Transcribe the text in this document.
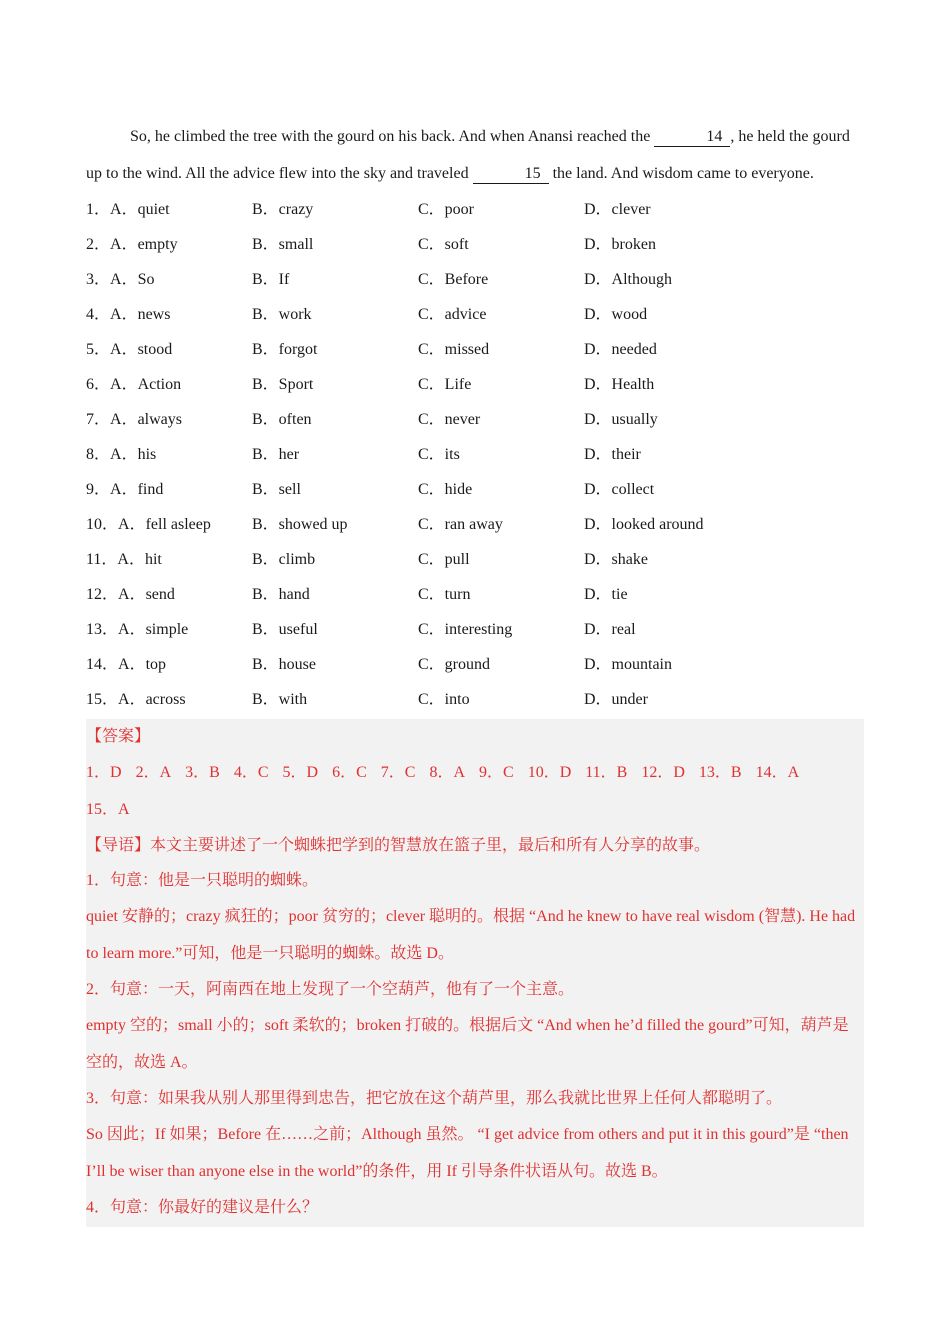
So, he climbed the tree with the gourd on his back. And when Anansi reached the	14 , he held the gourd up to the wind. All the advice flew into the sky and traveled	15 the land. And wisdom came to everyone.

1．A．quiet	B．crazy	C．poor	D．clever
2．A．empty	B．small	C．soft	D．broken
3．A．So	B．If	C．Before	D．Although
4．A．news	B．work	C．advice	D．wood
5．A．stood	B．forgot	C．missed	D．needed
6．A．Action	B．Sport	C．Life	D．Health
7．A．always	B．often	C．never	D．usually
8．A．his	B．her	C．its	D．their
9．A．find	B．sell	C．hide	D．collect
10．A．fell asleep	B．showed up	C．ran away	D．looked around
11．A．hit	B．climb	C．pull	D．shake
12．A．send	B．hand	C．turn	D．tie
13．A．simple	B．useful	C．interesting	D．real
14．A．top	B．house	C．ground	D．mountain
15．A．across	B．with	C．into	D．under
【答案】
1．D 2．A 3．B 4．C 5．D 6．C 7．C 8．A 9．C 10．D 11．B 12．D 13．B 14．A
15．A
【导语】本文主要讲述了一个蜘蛛把学到的智慧放在篮子里，最后和所有人分享的故事。
1．句意：他是一只聪明的蜘蛛。
quiet 安静的；crazy 疯狂的；poor 贫穷的；clever 聪明的。根据 “And he knew to have real wisdom (智慧). He had to learn more.”可知，他是一只聪明的蜘蛛。故选 D。
2．句意：一天，阿南西在地上发现了一个空葫芦，他有了一个主意。
empty 空的；small 小的；soft 柔软的；broken 打破的。根据后文 “And when he’d filled the gourd”可知，葫芦是空的，故选 A。
3．句意：如果我从别人那里得到忠告，把它放在这个葫芦里，那么我就比世界上任何人都聪明了。
So 因此；If 如果；Before 在……之前；Although 虽然。 “I get advice from others and put it in this gourd”是 “then I’ll be wiser than anyone else in the world”的条件，用 If 引导条件状语从句。故选 B。
4．句意：你最好的建议是什么？
